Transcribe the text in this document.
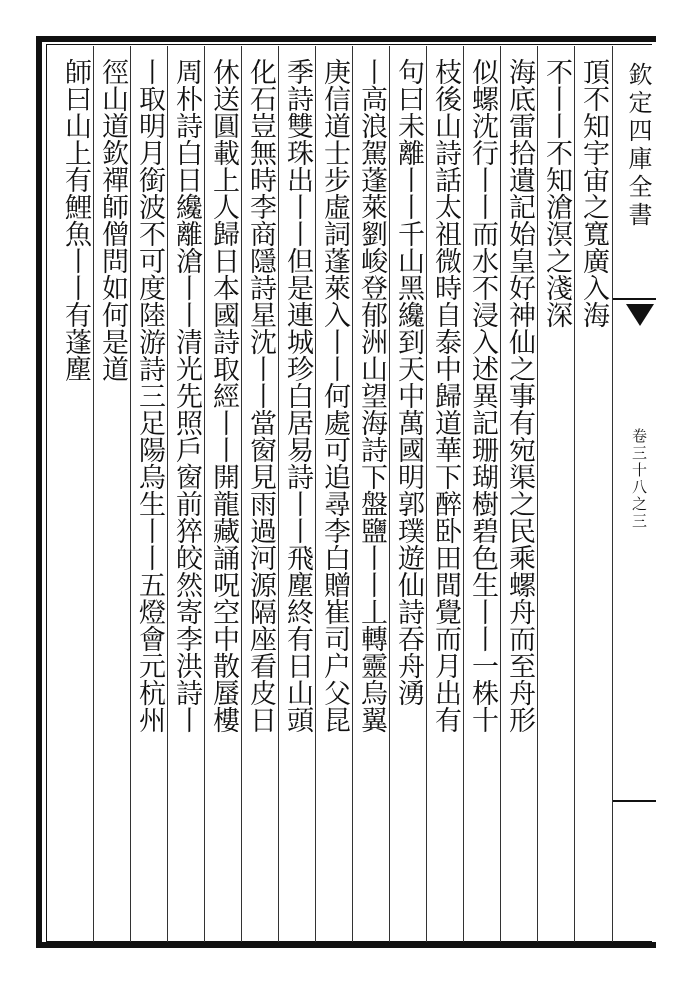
欽定四庫全書
卷三十八之三
頂不知宇宙之寬廣入海
不丨丨不知滄溟之淺深
海底雷拾遺記始皇好神仙之事有宛渠之民乘螺舟而至舟形
似螺沈行丨丨而水不浸入述異記珊瑚樹碧色生丨丨一株十
枝後山詩話太祖微時自泰中歸道華下醉卧田間覺而月出有
句曰未離丨丨千山黑纔到天中萬國明郭璞遊仙詩吞舟湧
丨高浪駕蓬萊劉峻登郁洲山望海詩下盤鹽丨丨丄轉靈烏翼
庚信道士步虛詞蓬萊入丨丨何處可追尋李白贈崔司户父昆
季詩雙珠出丨丨但是連城珍白居易詩丨丨飛塵終有日山頭
化石豈無時李商隱詩星沈丨丨當窗見雨過河源隔座看皮日
休送圓載上人歸日本國詩取經丨丨開龍藏誦呪空中散蜃樓
周朴詩白日纔離滄丨丨清光先照戶窗前猝皎然寄李洪詩丨
丨取明月銜波不可度陸游詩三足陽烏生丨丨五燈會元杭州
徑山道欽禪師僧問如何是道
師曰山上有鯉魚丨丨有蓬塵
